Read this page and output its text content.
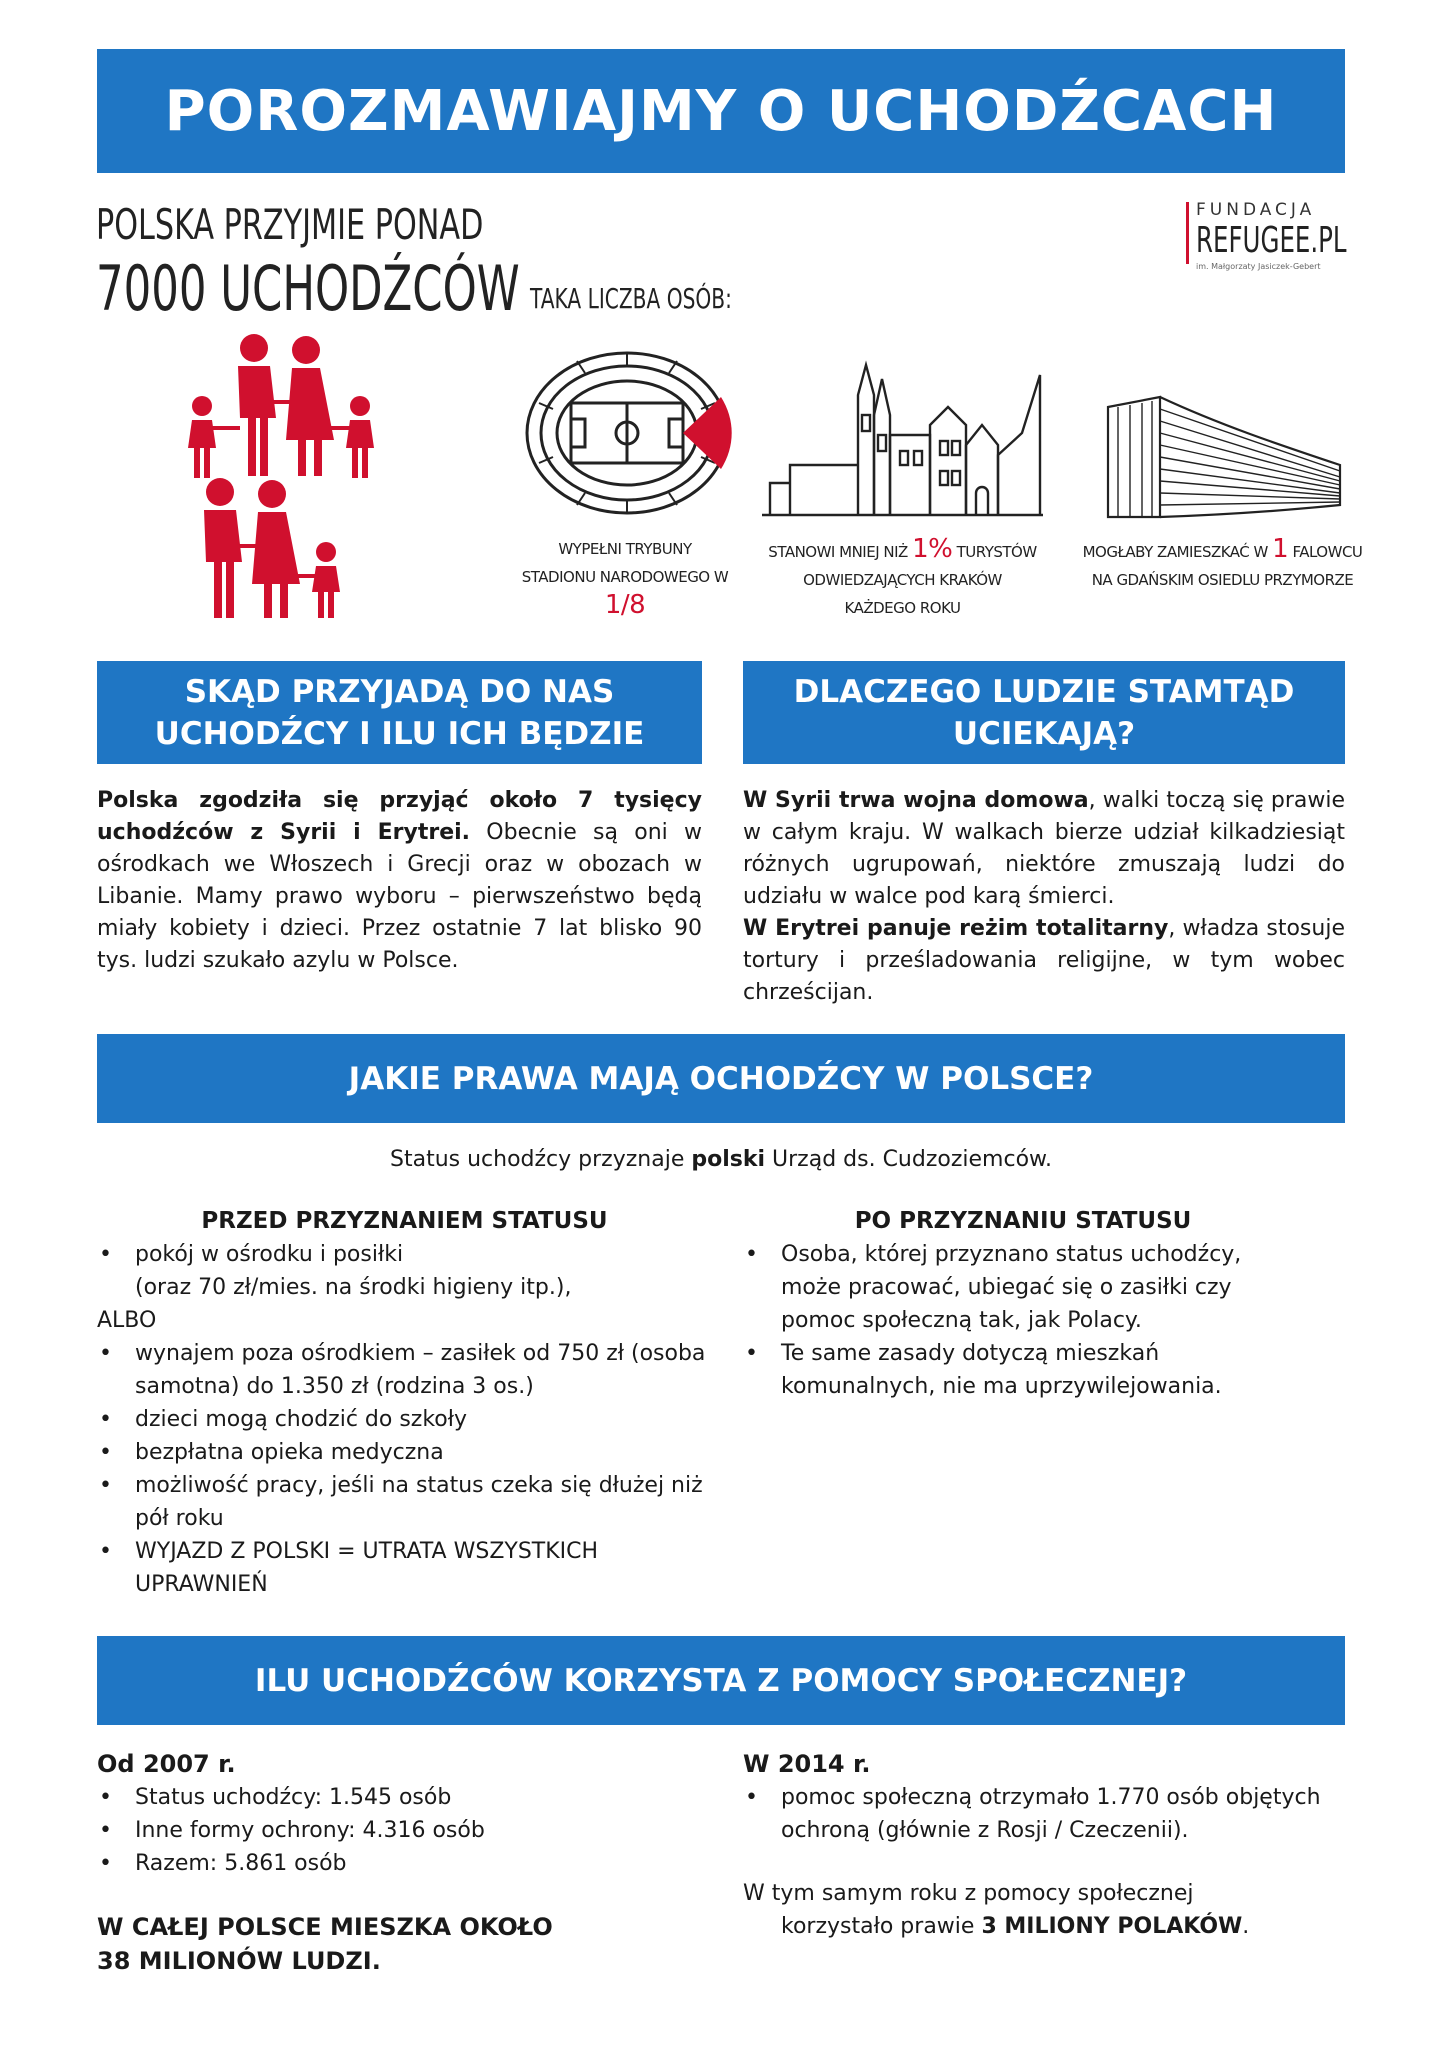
POROZMAWIAJMY O UCHODŹCACH
POLSKA PRZYJMIE PONAD
7000 UCHODŹCÓW TAKA LICZBA OSÓB:
FUNDACJA
REFUGEE.PL
im. Małgorzaty Jasiczek-Gebert
WYPEŁNI TRYBUNY
STADIONU NARODOWEGO W 1/8
STANOWI MNIEJ NIŻ 1% TURYSTÓW
ODWIEDZAJĄCYCH KRAKÓW
KAŻDEGO ROKU
MOGŁABY ZAMIESZKAĆ W 1 FALOWCU
NA GDAŃSKIM OSIEDLU PRZYMORZE
SKĄD PRZYJADĄ DO NAS
UCHODŹCY I ILU ICH BĘDZIE
DLACZEGO LUDZIE STAMTĄD
UCIEKAJĄ?
Polska zgodziła się przyjąć około 7 tysięcy uchodźców z Syrii i Erytrei. Obecnie są oni w ośrodkach we Włoszech i Grecji oraz w obozach w Libanie. Mamy prawo wyboru – pierwszeństwo będą miały kobiety i dzieci. Przez ostatnie 7 lat blisko 90 tys. ludzi szukało azylu w Polsce.
W Syrii trwa wojna domowa, walki toczą się prawie w całym kraju. W walkach bierze udział kilkadziesiąt różnych ugrupowań, niektóre zmuszają ludzi do udziału w walce pod karą śmierci.
W Erytrei panuje reżim totalitarny, władza stosuje tortury i prześladowania religijne, w tym wobec chrześcijan.
JAKIE PRAWA MAJĄ OCHODŹCY W POLSCE?
Status uchodźcy przyznaje polski Urząd ds. Cudzoziemców.
PRZED PRZYZNANIEM STATUSU
• pokój w ośrodku i posiłki
(oraz 70 zł/mies. na środki higieny itp.),
ALBO
• wynajem poza ośrodkiem – zasiłek od 750 zł (osoba samotna) do 1.350 zł (rodzina 3 os.)
• dzieci mogą chodzić do szkoły
• bezpłatna opieka medyczna
• możliwość pracy, jeśli na status czeka się dłużej niż pół roku
• WYJAZD Z POLSKI = UTRATA WSZYSTKICH UPRAWNIEŃ
PO PRZYZNANIU STATUSU
• Osoba, której przyznano status uchodźcy, może pracować, ubiegać się o zasiłki czy pomoc społeczną tak, jak Polacy.
• Te same zasady dotyczą mieszkań komunalnych, nie ma uprzywilejowania.
ILU UCHODŹCÓW KORZYSTA Z POMOCY SPOŁECZNEJ?
Od 2007 r.
• Status uchodźcy: 1.545 osób
• Inne formy ochrony: 4.316 osób
• Razem: 5.861 osób
W CAŁEJ POLSCE MIESZKA OKOŁO
38 MILIONÓW LUDZI.
W 2014 r.
• pomoc społeczną otrzymało 1.770 osób objętych ochroną (głównie z Rosji / Czeczenii).
W tym samym roku z pomocy społecznej
korzystało prawie 3 MILIONY POLAKÓW.
